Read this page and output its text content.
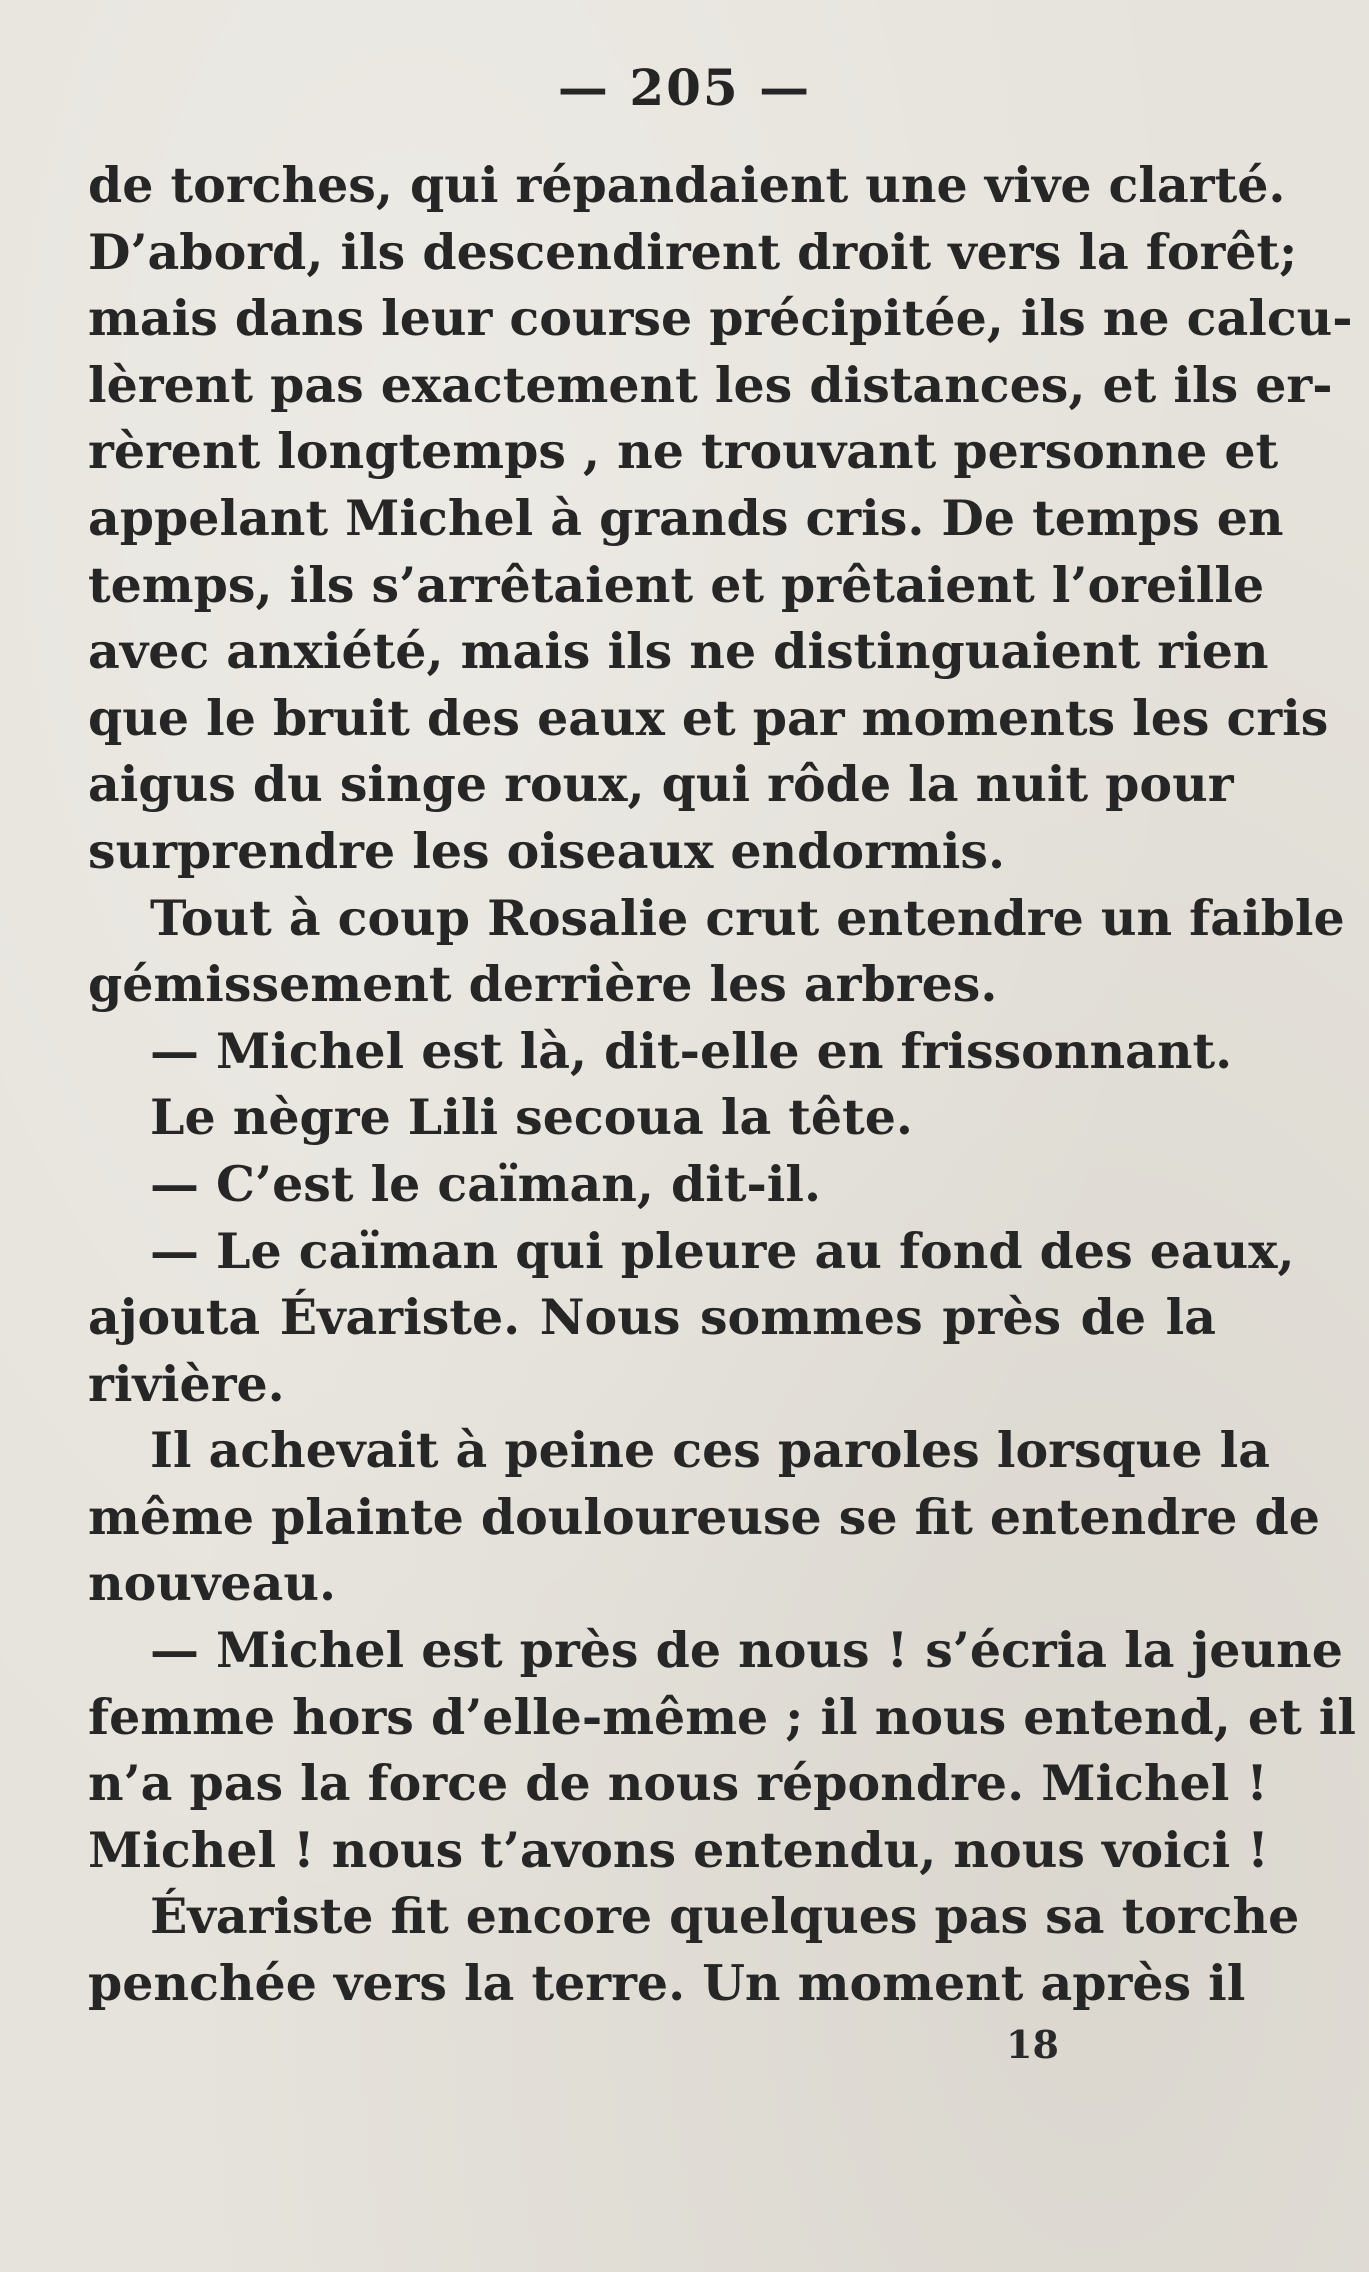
— 205 —
de torches, qui répandaient une vive clarté.
D’abord, ils descendirent droit vers la forêt;
mais dans leur course précipitée, ils ne calcu-
lèrent pas exactement les distances, et ils er-
rèrent longtemps , ne trouvant personne et
appelant Michel à grands cris. De temps en
temps, ils s’arrêtaient et prêtaient l’oreille
avec anxiété, mais ils ne distinguaient rien
que le bruit des eaux et par moments les cris
aigus du singe roux, qui rôde la nuit pour
surprendre les oiseaux endormis.
Tout à coup Rosalie crut entendre un faible
gémissement derrière les arbres.
— Michel est là, dit-elle en frissonnant.
Le nègre Lili secoua la tête.
— C’est le caïman, dit-il.
— Le caïman qui pleure au fond des eaux,
ajouta Évariste. Nous sommes près de la
rivière.
Il achevait à peine ces paroles lorsque la
même plainte douloureuse se fit entendre de
nouveau.
— Michel est près de nous ! s’écria la jeune
femme hors d’elle-même ; il nous entend, et il
n’a pas la force de nous répondre. Michel !
Michel ! nous t’avons entendu, nous voici !
Évariste fit encore quelques pas sa torche
penchée vers la terre. Un moment après il
18
